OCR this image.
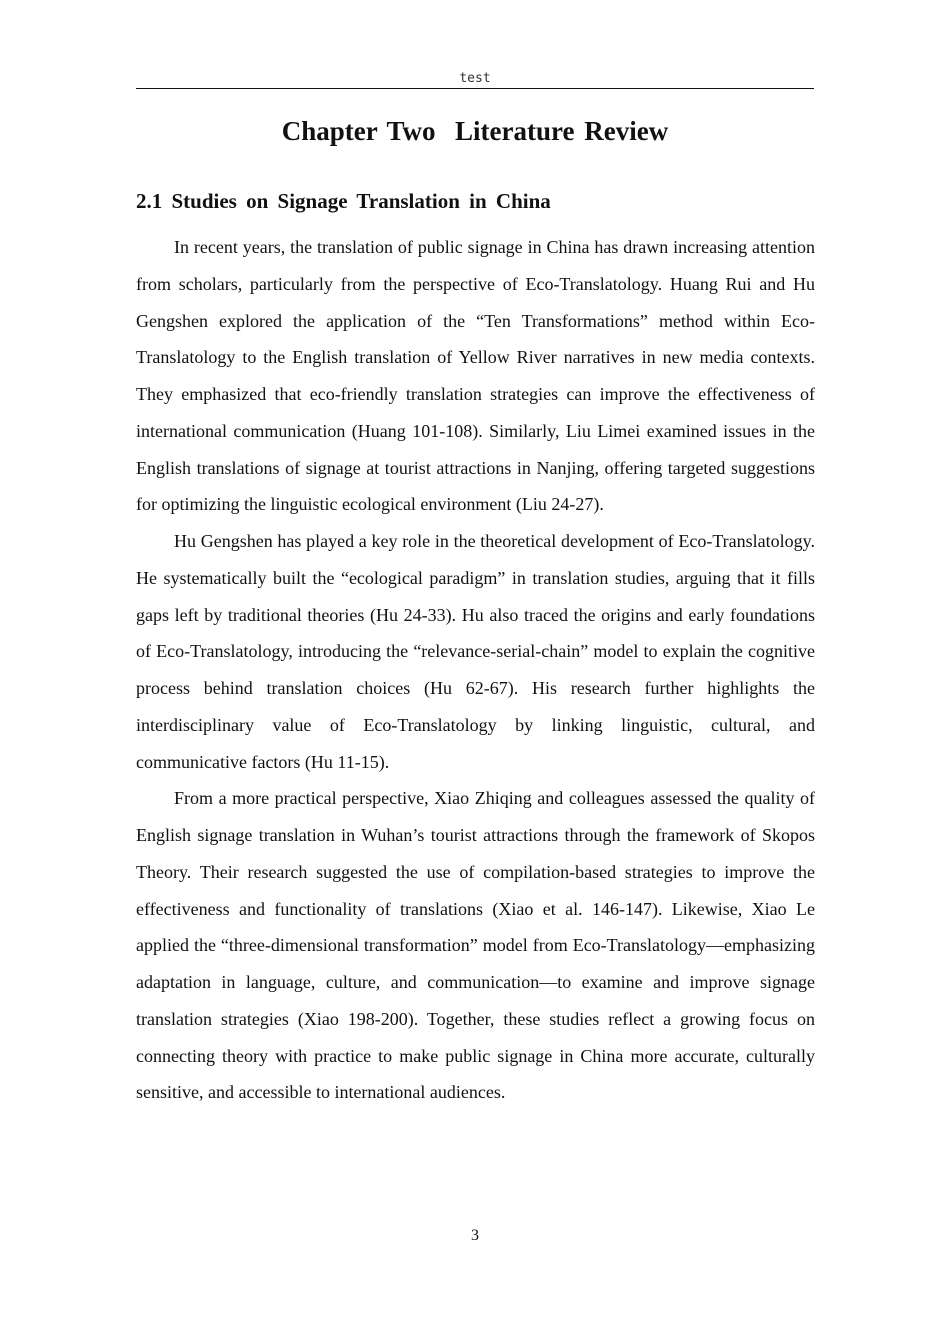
test
Chapter Two  Literature Review
2.1 Studies on Signage Translation in China

In recent years, the translation of public signage in China has drawn increasing attention from scholars, particularly from the perspective of Eco-Translatology. Huang Rui and Hu Gengshen explored the application of the “Ten Transformations” method within Eco-Translatology to the English translation of Yellow River narratives in new media contexts. They emphasized that eco-friendly translation strategies can improve the effectiveness of international communication (Huang 101-108). Similarly, Liu Limei examined issues in the English translations of signage at tourist attractions in Nanjing, offering targeted suggestions for optimizing the linguistic ecological environment (Liu 24-27).

Hu Gengshen has played a key role in the theoretical development of Eco-Translatology. He systematically built the “ecological paradigm” in translation studies, arguing that it fills gaps left by traditional theories (Hu 24-33). Hu also traced the origins and early foundations of Eco-Translatology, introducing the “relevance-serial-chain” model to explain the cognitive process behind translation choices (Hu 62-67). His research further highlights the interdisciplinary value of Eco-Translatology by linking linguistic, cultural, and communicative factors (Hu 11-15).

From a more practical perspective, Xiao Zhiqing and colleagues assessed the quality of English signage translation in Wuhan’s tourist attractions through the framework of Skopos Theory. Their research suggested the use of compilation-based strategies to improve the effectiveness and functionality of translations (Xiao et al. 146-147). Likewise, Xiao Le applied the “three-dimensional transformation” model from Eco-Translatology—emphasizing adaptation in language, culture, and communication—to examine and improve signage translation strategies (Xiao 198-200). Together, these studies reflect a growing focus on connecting theory with practice to make public signage in China more accurate, culturally sensitive, and accessible to international audiences.

3
